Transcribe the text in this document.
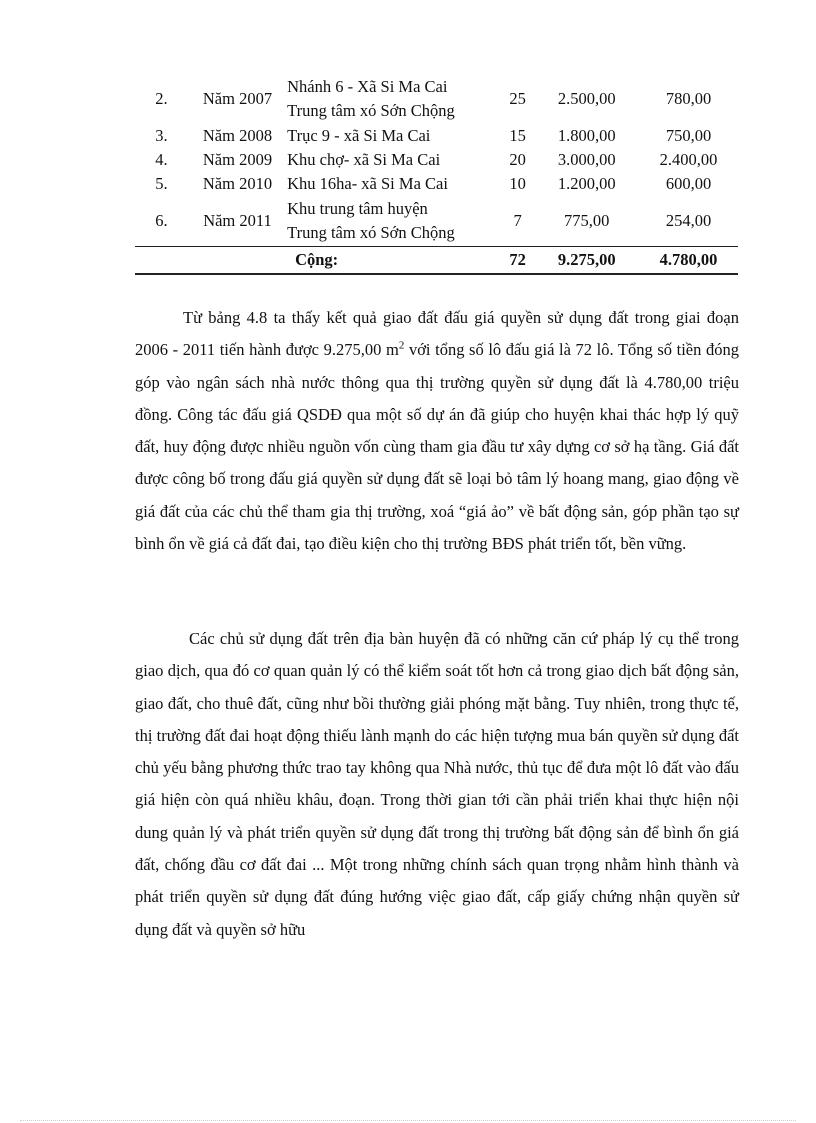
2.	Năm 2007	Nhánh 6 - Xã Si Ma Cai
Trung tâm xó Sớn Chộng	25	2.500,00	780,00
3.	Năm 2008	Trục 9 - xã Si Ma Cai	15	1.800,00	750,00
4.	Năm 2009	Khu chợ- xã Si Ma Cai	20	3.000,00	2.400,00
5.	Năm 2010	Khu 16ha- xã Si Ma Cai	10	1.200,00	600,00
6.	Năm 2011	Khu trung tâm huyện
Trung tâm xó Sớn Chộng	7	775,00	254,00
		Cộng:	72	9.275,00	4.780,00

Từ bảng 4.8 ta thấy kết quả giao đất đấu giá quyền sử dụng đất trong giai đoạn 2006 - 2011 tiến hành được 9.275,00 $m^2$ với tổng số lô đấu giá là 72 lô. Tổng số tiền đóng góp vào ngân sách nhà nước thông qua thị trường quyền sử dụng đất là 4.780,00 triệu đồng. Công tác đấu giá QSDĐ qua một số dự án đã giúp cho huyện khai thác hợp lý quỹ đất, huy động được nhiều nguồn vốn cùng tham gia đầu tư xây dựng cơ sở hạ tầng. Giá đất được công bố trong đấu giá quyền sử dụng đất sẽ loại bỏ tâm lý hoang mang, giao động về giá đất của các chủ thể tham gia thị trường, xoá “giá ảo” về bất động sản, góp phần tạo sự bình ổn về giá cả đất đai, tạo điều kiện cho thị trường BĐS phát triển tốt, bền vững.

Các chủ sử dụng đất trên địa bàn huyện đã có những căn cứ pháp lý cụ thể trong giao dịch, qua đó cơ quan quản lý có thể kiểm soát tốt hơn cả trong giao dịch bất động sản, giao đất, cho thuê đất, cũng như bồi thường giải phóng mặt bằng. Tuy nhiên, trong thực tế, thị trường đất đai hoạt động thiếu lành mạnh do các hiện tượng mua bán quyền sử dụng đất chủ yếu bằng phương thức trao tay không qua Nhà nước, thủ tục để đưa một lô đất vào đấu giá hiện còn quá nhiều khâu, đoạn. Trong thời gian tới cần phải triển khai thực hiện nội dung quản lý và phát triển quyền sử dụng đất trong thị trường bất động sản để bình ổn giá đất, chống đầu cơ đất đai ... Một trong những chính sách quan trọng nhằm hình thành và phát triển quyền sử dụng đất đúng hướng việc giao đất, cấp giấy chứng nhận quyền sử dụng đất và quyền sở hữu
